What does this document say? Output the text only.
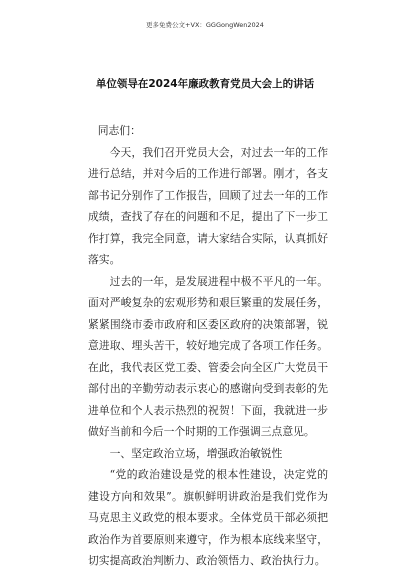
更多免费公文+VX：GGGongWen2024
单位领导在2024年廉政教育党员大会上的讲话

同志们：

今天，我们召开党员大会，对过去一年的工作进行总结，并对今后的工作进行部署。刚才，各支部书记分别作了工作报告，回顾了过去一年的工作成绩，查找了存在的问题和不足，提出了下一步工作打算，我完全同意，请大家结合实际，认真抓好落实。

过去的一年，是发展进程中极不平凡的一年。面对严峻复杂的宏观形势和艰巨繁重的发展任务，紧紧围绕市委市政府和区委区政府的决策部署，锐意进取、埋头苦干，较好地完成了各项工作任务。在此，我代表区党工委、管委会向全区广大党员干部付出的辛勤劳动表示衷心的感谢向受到表彰的先进单位和个人表示热烈的祝贺！下面，我就进一步做好当前和今后一个时期的工作强调三点意见。

一、坚定政治立场，增强政治敏锐性

“党的政治建设是党的根本性建设，决定党的建设方向和效果”。旗帜鲜明讲政治是我们党作为马克思主义政党的根本要求。全体党员干部必须把政治作为首要原则来遵守，作为根本底线来坚守，切实提高政治判断力、政治领悟力、政治执行力。
